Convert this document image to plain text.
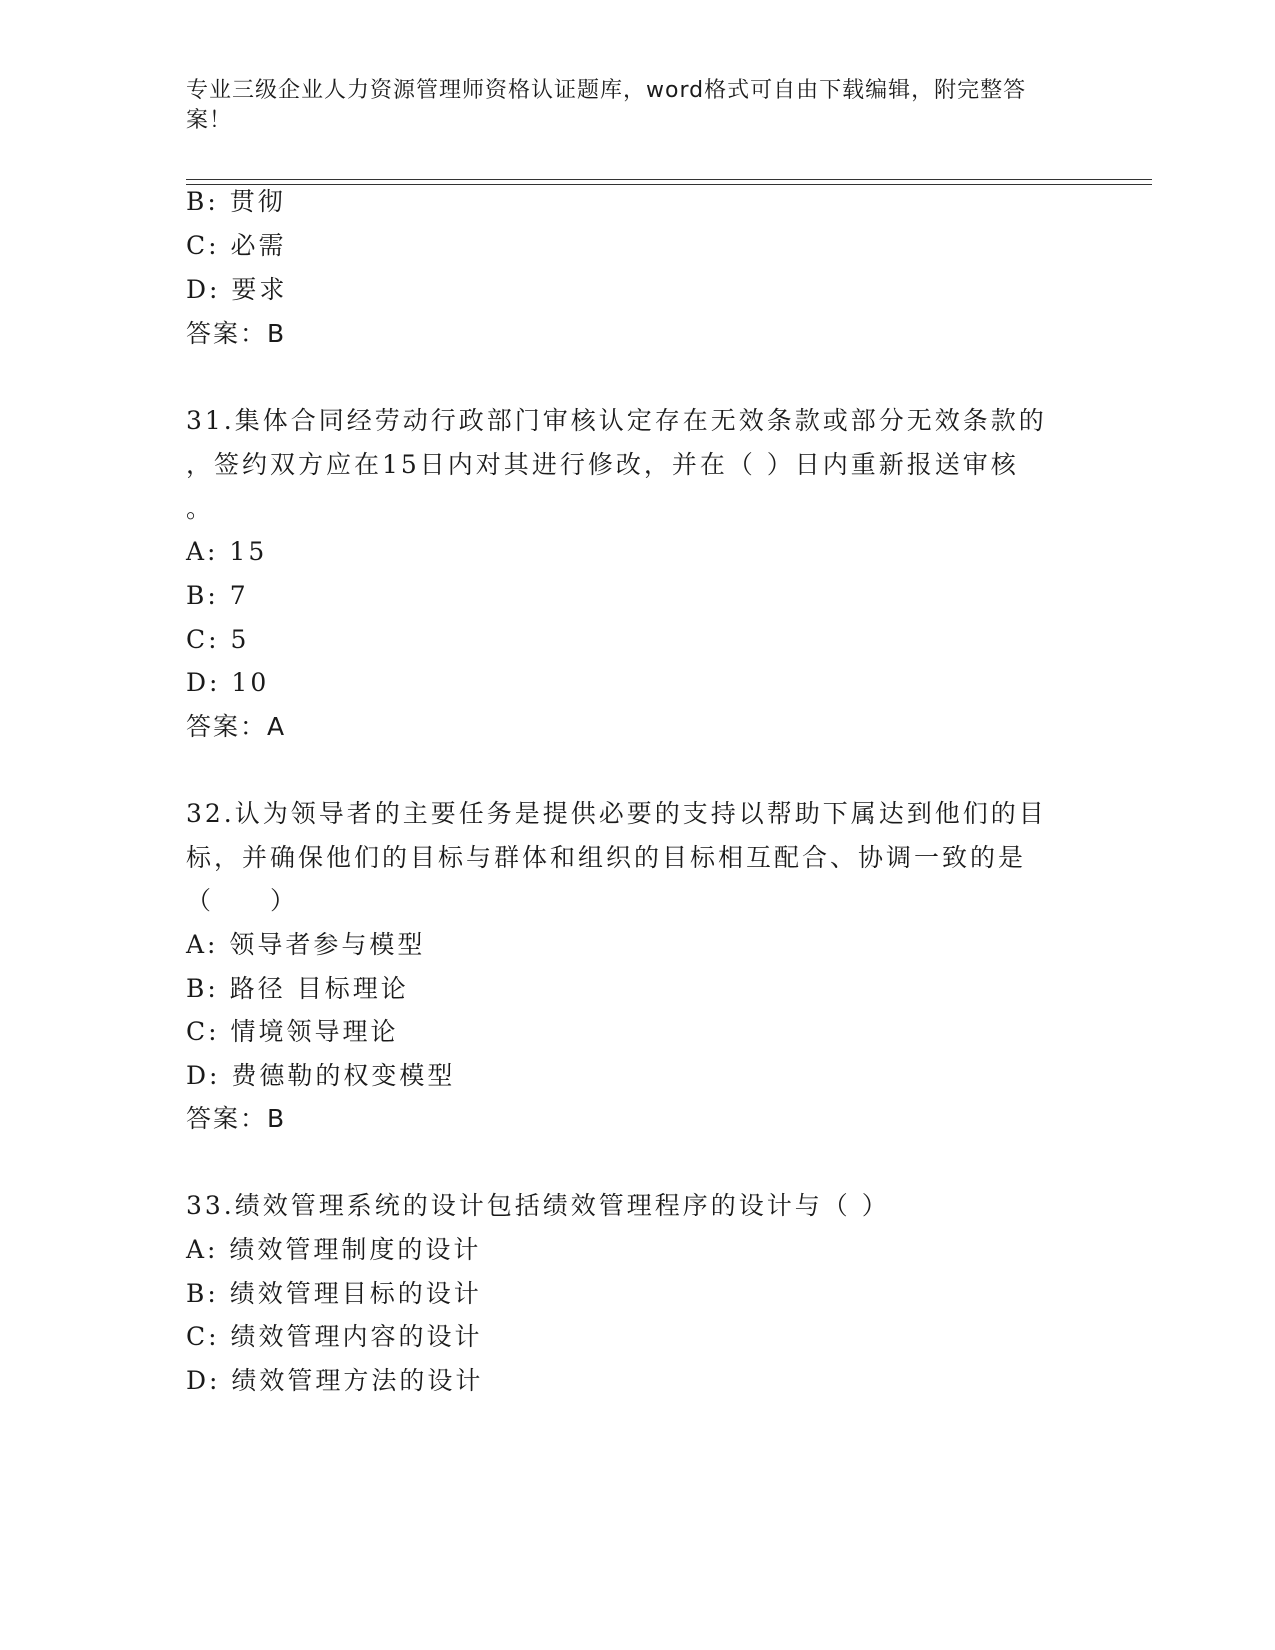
专业三级企业人力资源管理师资格认证题库，word格式可自由下载编辑，附完整答案！
B: 贯彻
C: 必需
D: 要求
答案：B
31.集体合同经劳动行政部门审核认定存在无效条款或部分无效条款的
，签约双方应在15日内对其进行修改，并在（ ）日内重新报送审核
。
A: 15
B: 7
C: 5
D: 10
答案：A
32.认为领导者的主要任务是提供必要的支持以帮助下属达到他们的目
标，并确保他们的目标与群体和组织的目标相互配合、协调一致的是
（　　）
A: 领导者参与模型
B: 路径 目标理论
C: 情境领导理论
D: 费德勒的权变模型
答案：B
33.绩效管理系统的设计包括绩效管理程序的设计与（ ）
A: 绩效管理制度的设计
B: 绩效管理目标的设计
C: 绩效管理内容的设计
D: 绩效管理方法的设计
